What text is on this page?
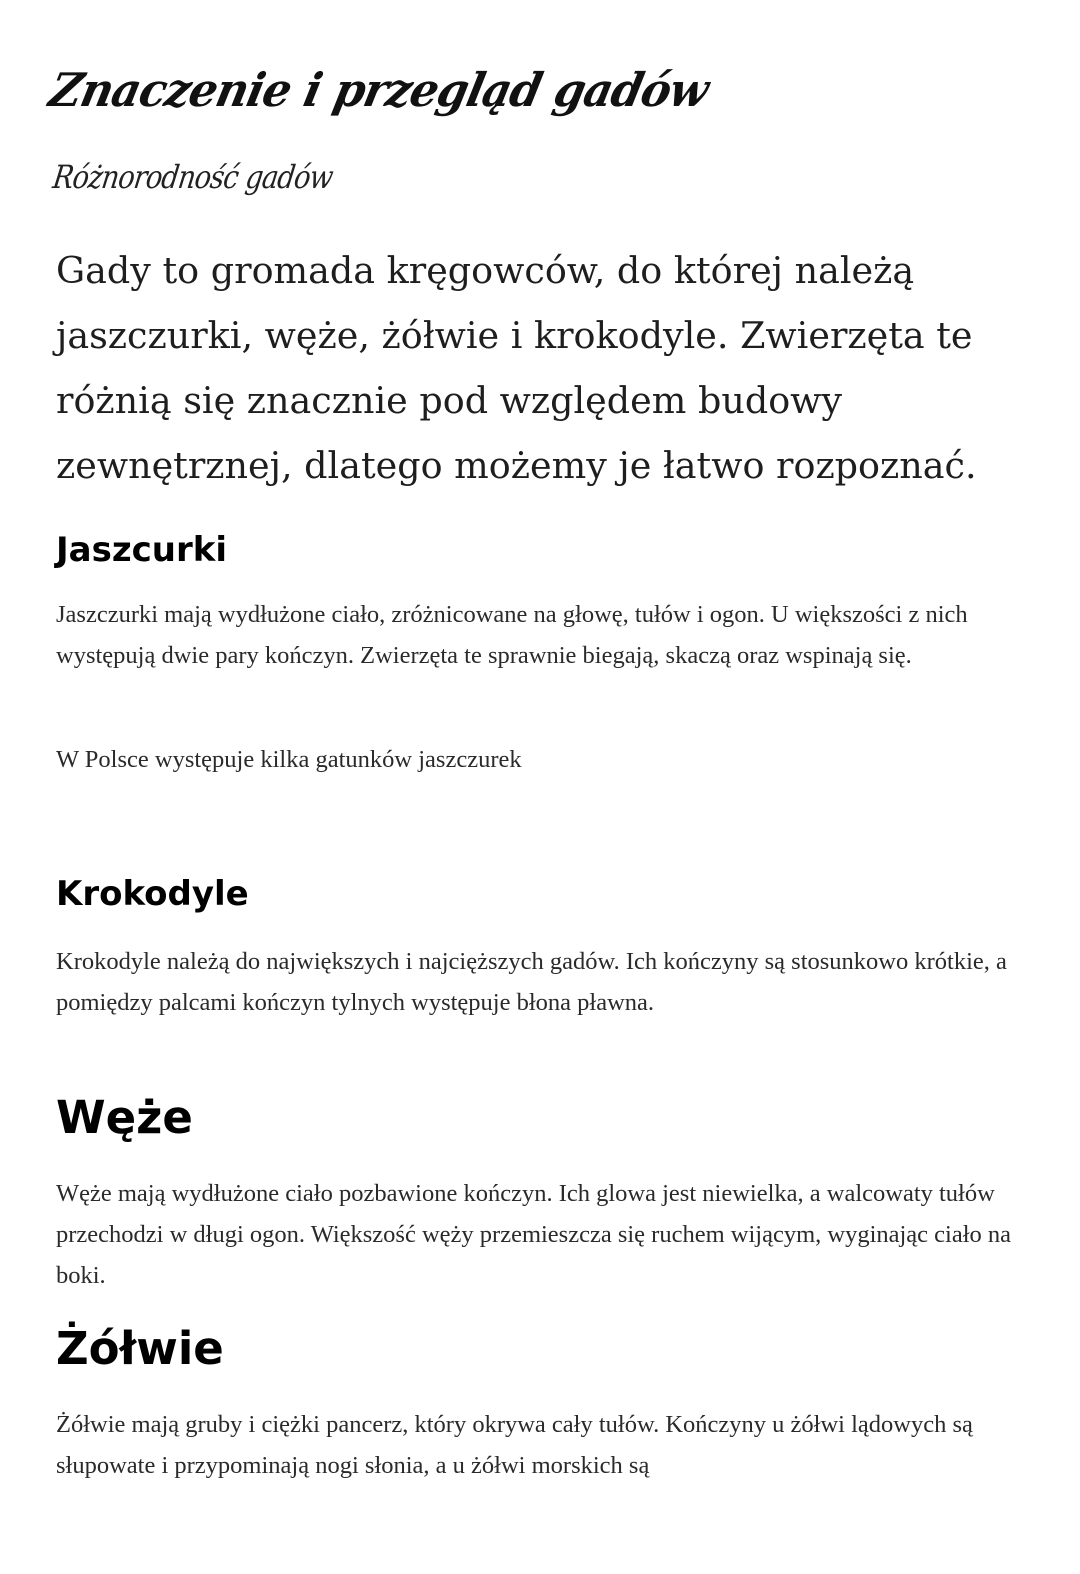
Znaczenie i przegląd gadów
Różnorodność gadów

Gady to gromada kręgowców, do której należą jaszczurki, węże, żółwie i krokodyle. Zwierzęta te różnią się znacznie pod względem budowy zewnętrznej, dlatego możemy je łatwo rozpoznać.

Jaszcurki

Jaszczurki mają wydłużone ciało, zróżnicowane na głowę, tułów i ogon. U większości z nich występują dwie pary kończyn. Zwierzęta te sprawnie biegają, skaczą oraz wspinają się.

W Polsce występuje kilka gatunków jaszczurek

Krokodyle

Krokodyle należą do największych i najcięższych gadów. Ich kończyny są stosunkowo krótkie, a pomiędzy palcami kończyn tylnych występuje błona pławna.

Węże

Węże mają wydłużone ciało pozbawione kończyn. Ich glowa jest niewielka, a walcowaty tułów przechodzi w długi ogon. Większość węży przemieszcza się ruchem wijącym, wyginając ciało na boki.

Żółwie

Żółwie mają gruby i ciężki pancerz, który okrywa cały tułów. Kończyny u żółwi lądowych są słupowate i przypominają nogi słonia, a u żółwi morskich są
